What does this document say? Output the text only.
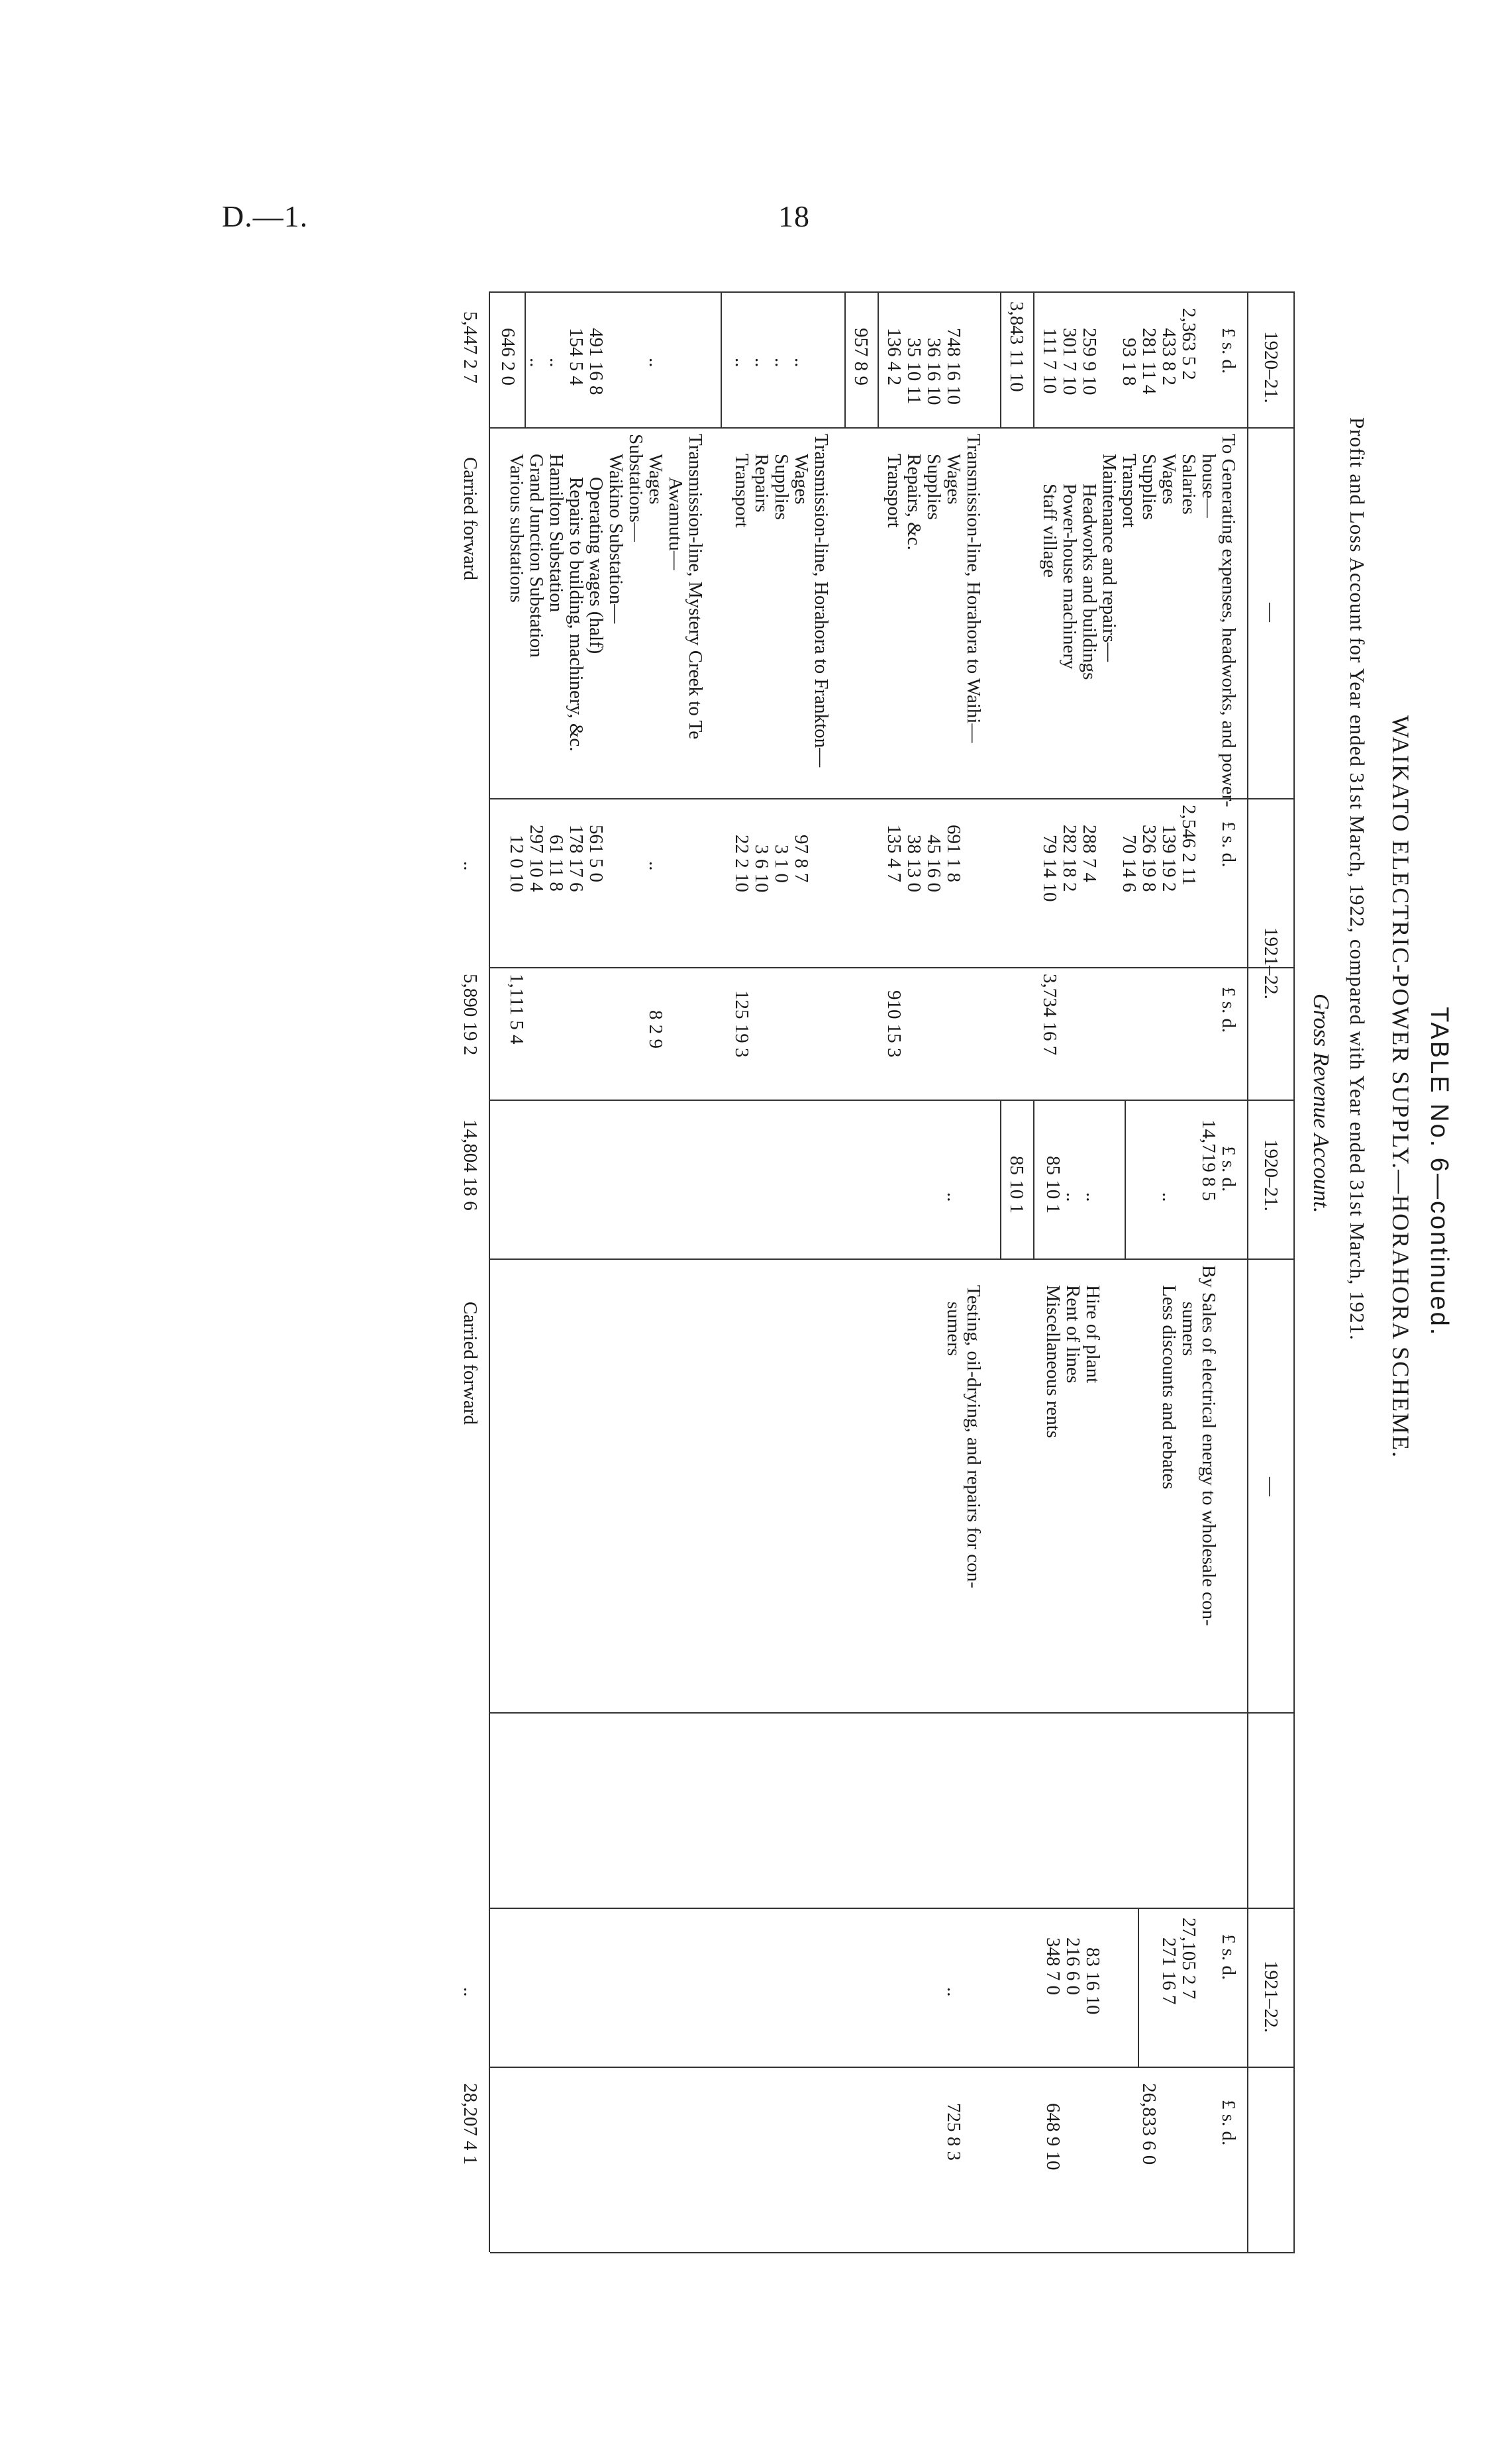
D.—1.	18
TABLE No. 6—continued.
WAIKATO ELECTRIC-POWER SUPPLY.—HORAHORA SCHEME.
Profit and Loss Account for Year ended 31st March, 1922, compared with Year ended 31st March, 1921.
Gross Revenue Account.
1920–21.
—
1921–22.
1920–21.
—
1921–22.
£ s. d.
£ s. d.
£ s. d.
£ s. d.
£ s. d.
£ s. d.
To Generating expenses, headworks, and power-
house—
Salaries
Wages
Supplies
Transport
Maintenance and repairs—
Headworks and buildings
Power-house machinery
Staff village
Transmission-line, Horahora to Waihi—
Wages
Supplies
Repairs, &c.
Transport
Transmission-line, Horahora to Frankton—
Wages
Supplies
Repairs
Transport
Transmission-line, Mystery Creek to Te
Awamutu—
Wages
Substations—
Waikino Substation—
Operating wages (half)
Repairs to building, machinery, &c.
Hamilton Substation
Grand Junction Substation
Various substations
Carried forward
2,363 5 2
433 8 2
281 11 4
93 1 8
259 9 10
301 7 10
111 7 10
3,843 11 10
748 16 10
36 16 10
35 10 11
136 4 2
957 8 9
..
..
..
..
..
491 16 8
154 5 4
..
..
646 2 0
5,447 2 7
2,546 2 11
139 19 2
326 19 8
70 14 6
288 7 4
282 18 2
79 14 10
691 1 8
45 16 0
38 13 0
135 4 7
97 8 7
3 1 0
3 6 10
22 2 10
..
561 5 0
178 17 6
61 11 8
297 10 4
12 0 10
..
3,734 16 7
910 15 3
125 19 3
8 2 9
1,111 5 4
5,890 19 2
By Sales of electrical energy to wholesale con-
sumers
Less discounts and rebates
Hire of plant
Rent of lines
Miscellaneous rents
Testing, oil-drying, and repairs for con-
sumers
Carried forward
14,719 8 5
..
..
..
85 10 1
85 10 1
..
14,804 18 6
27,105 2 7
271 16 7
83 16 10
216 6 0
348 7 0
..
..
26,833 6 0
648 9 10
725 8 3
28,207 4 1
